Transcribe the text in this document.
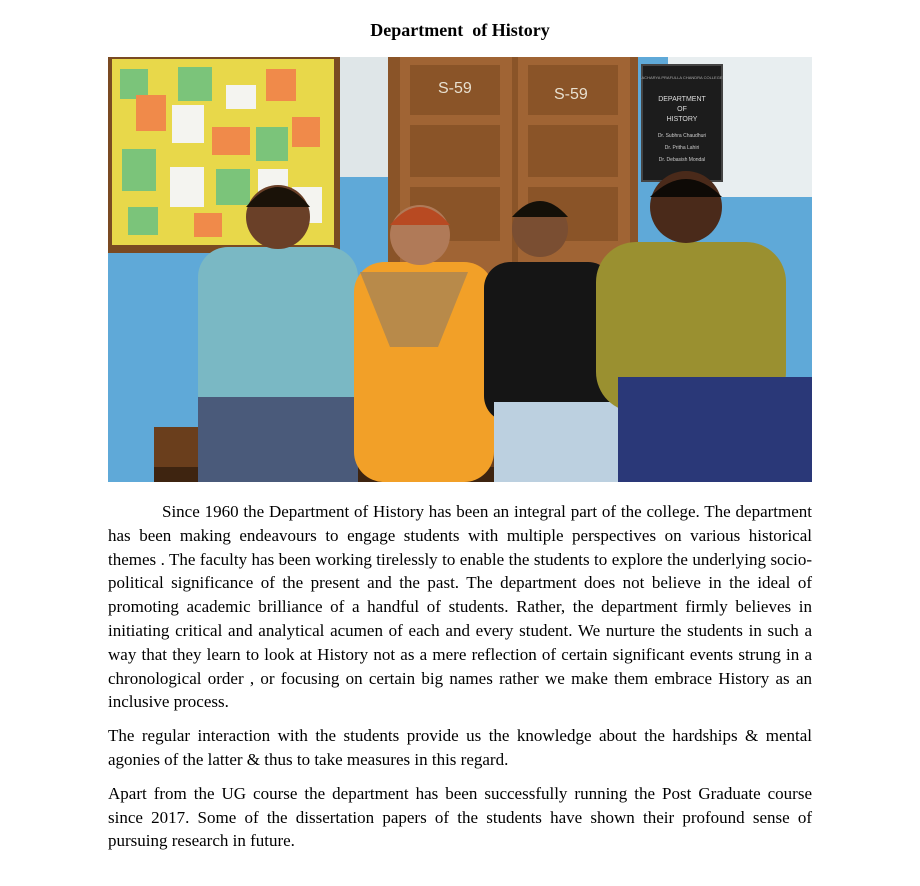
Department  of History
S-59	S-59	DEPARTMENT
OF
HISTORY
Dr. Subhra Chaudhuri
Dr. Pritha Lahiri
Dr. Debasish Mondal
ACHARYA PRAFULLA CHANDRA COLLEGE

Since 1960 the Department of History has been an integral part of the college. The department has been making endeavours to engage students with multiple perspectives on various historical themes . The faculty has been working tirelessly to enable the students to explore the underlying socio- political significance of the present and the past. The department does not believe in the ideal of promoting academic brilliance of a handful of students. Rather, the department firmly believes in initiating critical and analytical acumen of each and every student. We nurture the students in such a way that they learn to look at History not as a mere reflection of certain significant events strung in a chronological order , or focusing on certain big names rather we make them embrace History as an inclusive process.

The regular interaction with the students provide us the knowledge about the hardships & mental agonies of the latter & thus to take measures in this regard.

Apart from the UG course the department has been successfully running the Post Graduate course since 2017. Some of the dissertation papers of the students have shown their profound sense of pursuing research in future.
